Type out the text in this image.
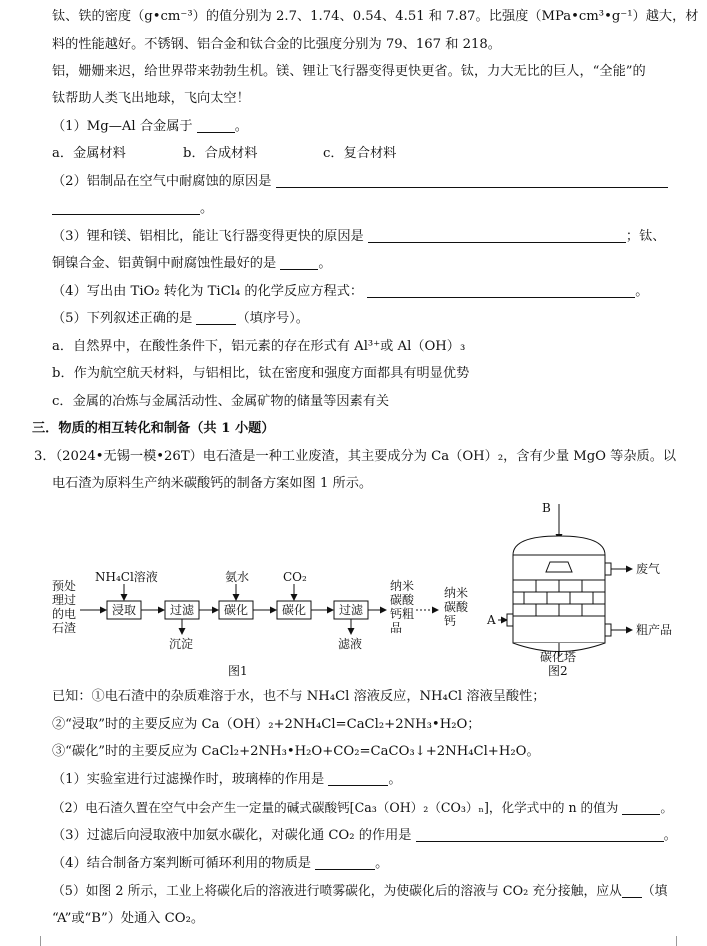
钛、铁的密度（g•cm⁻³）的值分别为 2.7、1.74、0.54、4.51 和 7.87。比强度（MPa•cm³•g⁻¹）越大，材
料的性能越好。不锈钢、铝合金和钛合金的比强度分别为 79、167 和 218。
铝，姗姗来迟，给世界带来勃勃生机。镁、锂让飞行器变得更快更省。钛，力大无比的巨人，“全能”的
钛帮助人类飞出地球，飞向太空！
（1）Mg—Al 合金属于	。
a．金属材料	b．合成材料	c．复合材料
（2）铝制品在空气中耐腐蚀的原因是
。
（3）锂和镁、铝相比，能让飞行器变得更快的原因是	；钛、
铜镍合金、铝黄铜中耐腐蚀性最好的是	。
（4）写出由 TiO₂ 转化为 TiCl₄ 的化学反应方程式：	。
（5）下列叙述正确的是	（填序号）。
a．自然界中，在酸性条件下，铝元素的存在形式有 Al³⁺或 Al（OH）₃
b．作为航空航天材料，与铝相比，钛在密度和强度方面都具有明显优势
c．金属的冶炼与金属活动性、金属矿物的储量等因素有关
三．物质的相互转化和制备（共 1 小题）
3．（2024•无锡一模•26T）电石渣是一种工业废渣，其主要成分为 Ca（OH）₂，含有少量 MgO 等杂质。以
电石渣为原料生产纳米碳酸钙的制备方案如图 1 所示。
预处
理过
的电
石渣
浸取
NH₄Cl溶液
过滤
沉淀
碳化
氨水
碳化
CO₂
过滤
滤液
纳米
碳酸
钙粗
品
纳米
碳酸
钙
图1
B
废气
粗产品
A
碳化塔
图2
已知：①电石渣中的杂质难溶于水，也不与 NH₄Cl 溶液反应，NH₄Cl 溶液呈酸性；
②“浸取”时的主要反应为 Ca（OH）₂+2NH₄Cl=CaCl₂+2NH₃•H₂O；
③“碳化”时的主要反应为 CaCl₂+2NH₃•H₂O+CO₂=CaCO₃↓+2NH₄Cl+H₂O。
（1）实验室进行过滤操作时，玻璃棒的作用是	。
（2）电石渣久置在空气中会产生一定量的碱式碳酸钙[Ca₃（OH）₂（CO₃）ₙ]，化学式中的 n 的值为	。
（3）过滤后向浸取液中加氨水碳化，对碳化通 CO₂ 的作用是	。
（4）结合制备方案判断可循环利用的物质是	。
（5）如图 2 所示，工业上将碳化后的溶液进行喷雾碳化，为使碳化后的溶液与 CO₂ 充分接触，应从 （填
“A”或“B”）处通入 CO₂。
